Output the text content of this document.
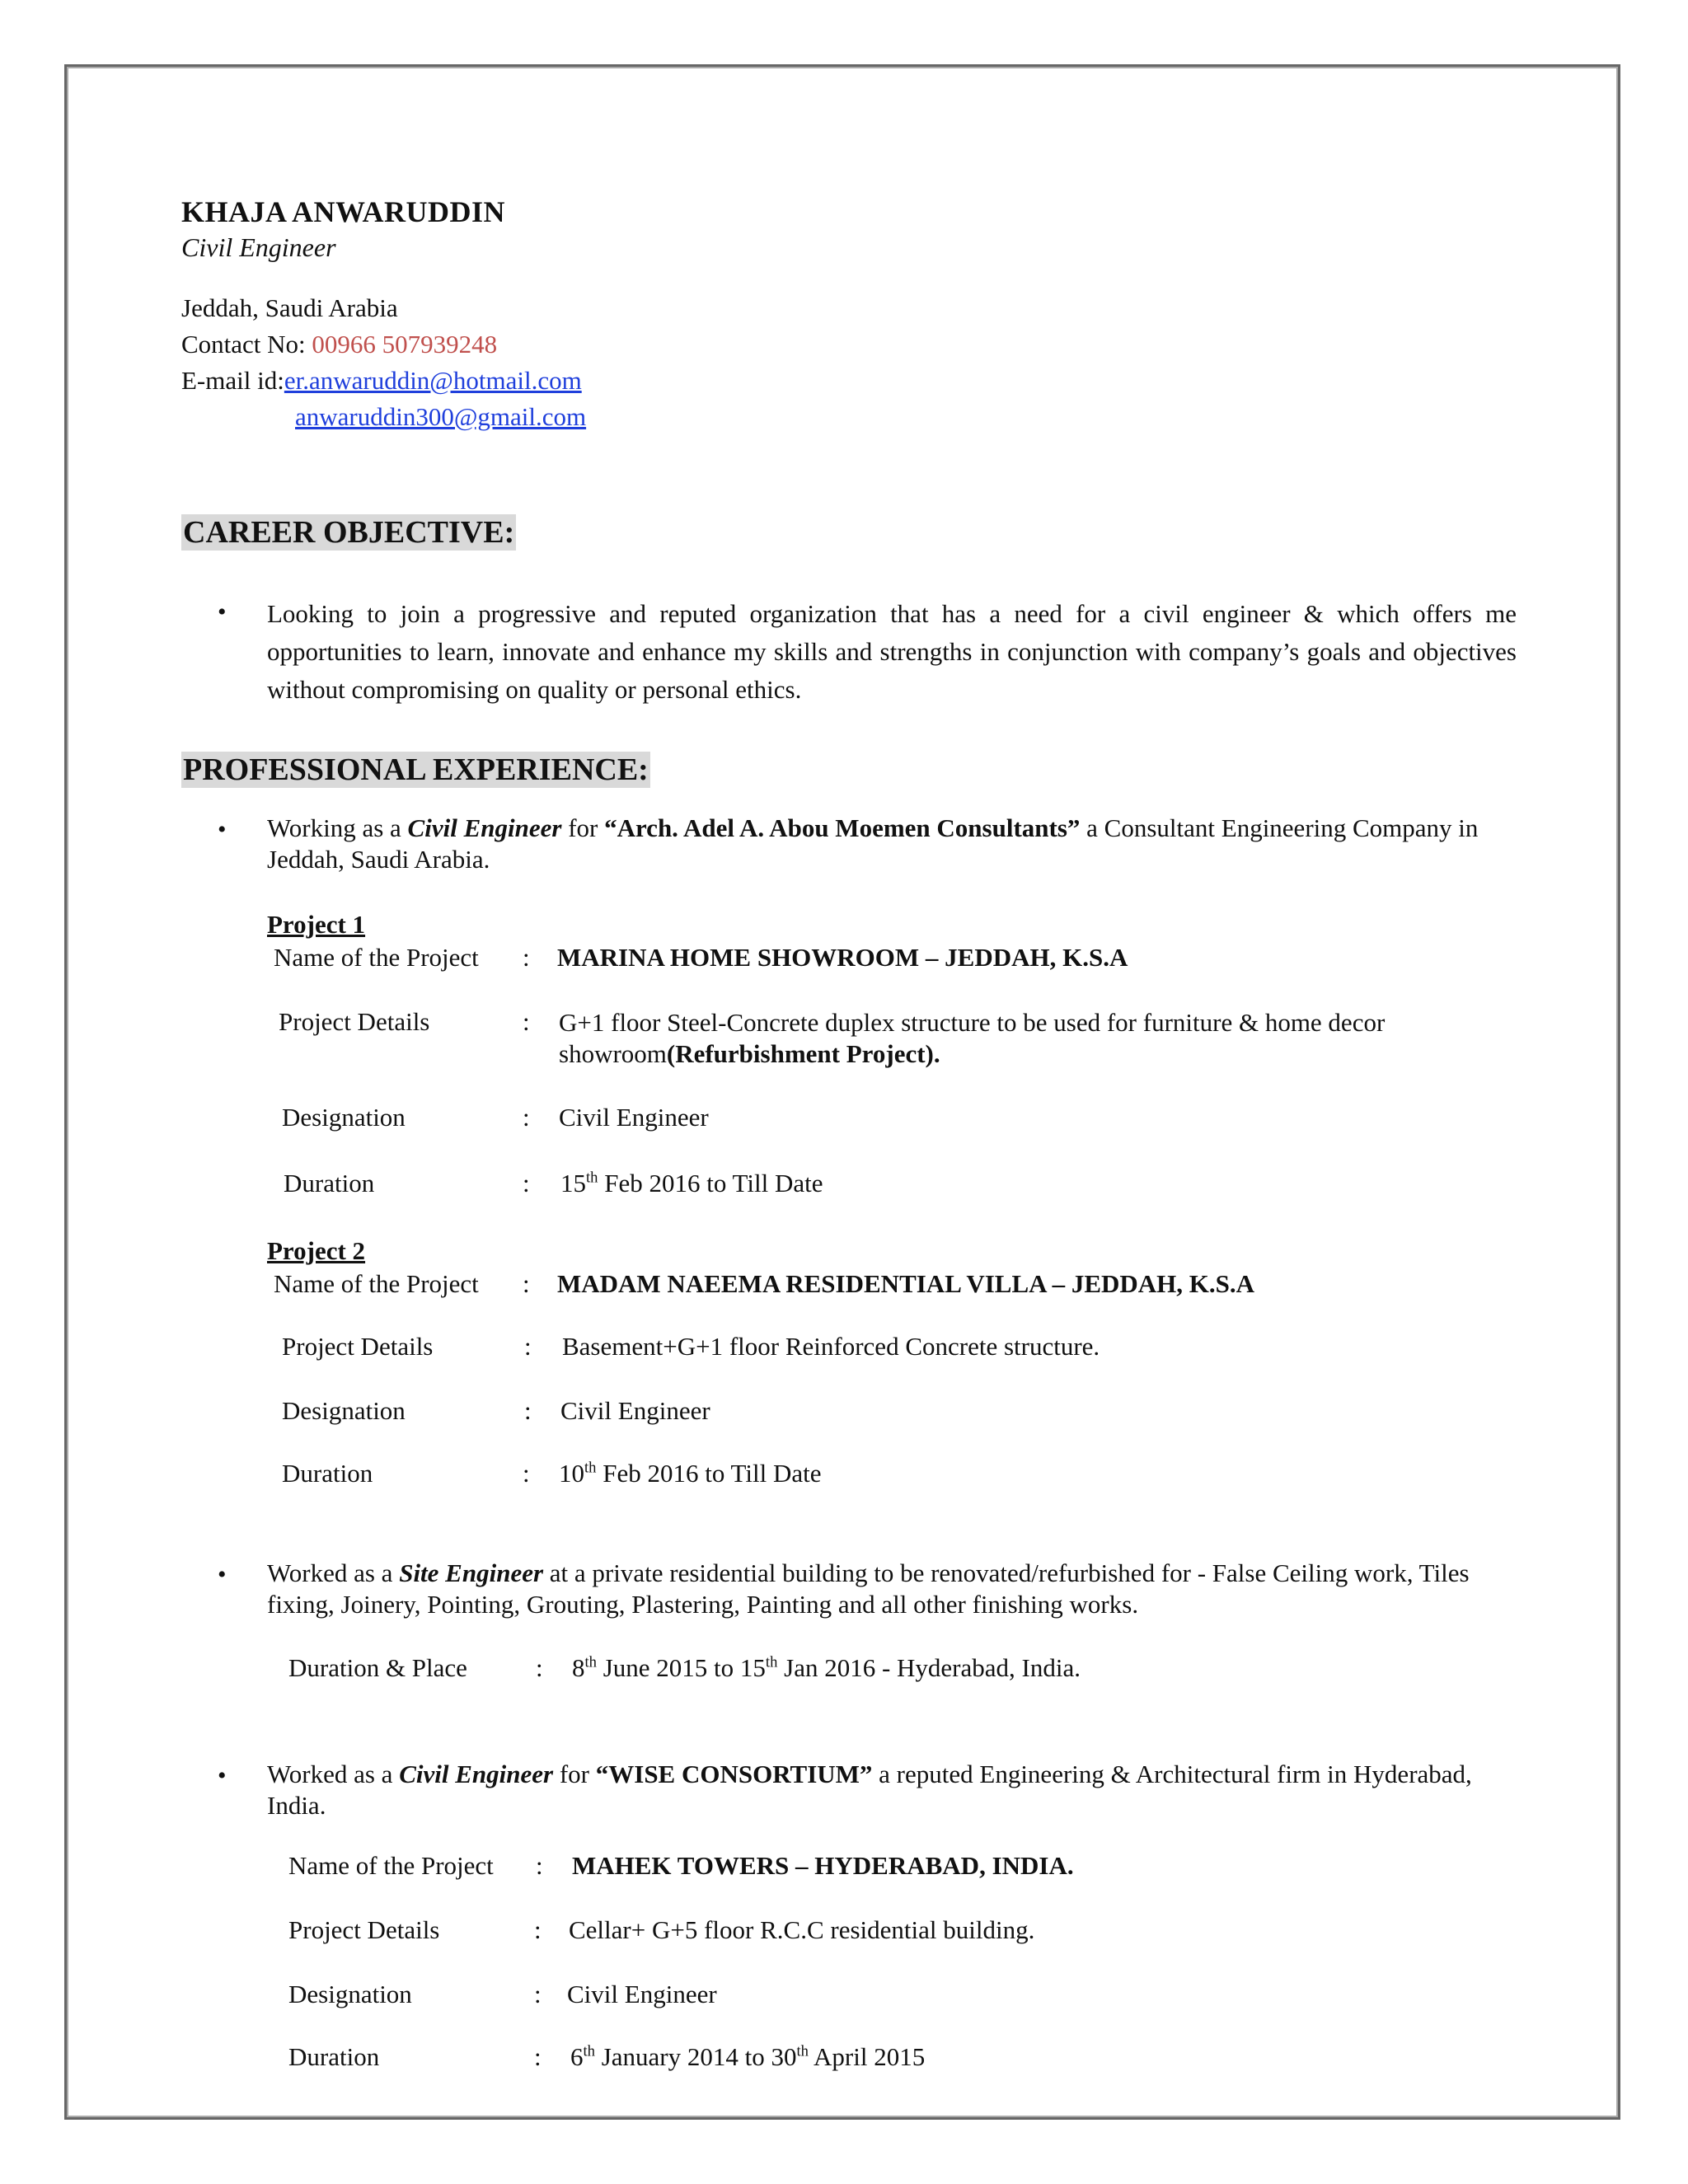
KHAJA ANWARUDDIN
Civil Engineer
Jeddah, Saudi Arabia
Contact No: 00966 507939248
E-mail id:er.anwaruddin@hotmail.com
anwaruddin300@gmail.com
CAREER OBJECTIVE:
• Looking to join a progressive and reputed organization that has a need for a civil engineer & which offers me opportunities to learn, innovate and enhance my skills and strengths in conjunction with company’s goals and objectives without compromising on quality or personal ethics.
PROFESSIONAL EXPERIENCE:
• Working as a Civil Engineer for “Arch. Adel A. Abou Moemen Consultants” a Consultant Engineering Company in Jeddah, Saudi Arabia.
Project 1
Name of the Project : MARINA HOME SHOWROOM – JEDDAH, K.S.A
Project Details	: G+1 floor Steel-Concrete duplex structure to be used for furniture & home decor showroom(Refurbishment Project).
Designation	: Civil Engineer
Duration	: 15th Feb 2016 to Till Date
Project 2
Name of the Project : MADAM NAEEMA RESIDENTIAL VILLA – JEDDAH, K.S.A
Project Details	: Basement+G+1 floor Reinforced Concrete structure.
Designation	: Civil Engineer
Duration	: 10th Feb 2016 to Till Date
• Worked as a Site Engineer at a private residential building to be renovated/refurbished for - False Ceiling work, Tiles fixing, Joinery, Pointing, Grouting, Plastering, Painting and all other finishing works.
Duration & Place	: 8th June 2015 to 15th Jan 2016 - Hyderabad, India.
• Worked as a Civil Engineer for “WISE CONSORTIUM” a reputed Engineering & Architectural firm in Hyderabad, India.
Name of the Project : MAHEK TOWERS – HYDERABAD, INDIA.
Project Details	: Cellar+ G+5 floor R.C.C residential building.
Designation	: Civil Engineer
Duration	: 6th January 2014 to 30th April 2015
